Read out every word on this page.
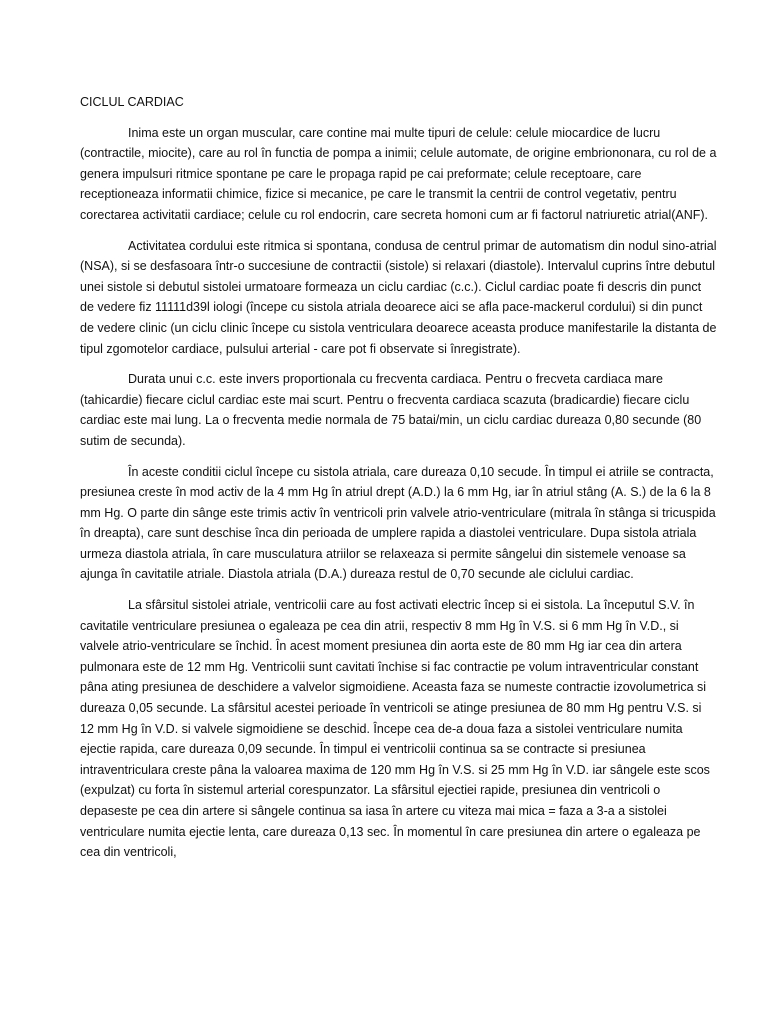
CICLUL CARDIAC

Inima este un organ muscular, care contine mai multe tipuri de celule: celule miocardice de lucru (contractile, miocite), care au rol în functia de pompa a inimii; celule automate, de origine embriononara, cu rol de a genera impulsuri ritmice spontane pe care le propaga rapid pe cai preformate; celule receptoare, care receptioneaza informatii chimice, fizice si mecanice, pe care le transmit la centrii de control vegetativ, pentru corectarea activitatii cardiace; celule cu rol endocrin, care secreta homoni cum ar fi factorul natriuretic atrial(ANF).

Activitatea cordului este ritmica si spontana, condusa de centrul primar de automatism din nodul sino-atrial (NSA), si se desfasoara într-o succesiune de contractii (sistole) si relaxari (diastole). Intervalul cuprins între debutul unei sistole si debutul sistolei urmatoare formeaza un ciclu cardiac (c.c.). Ciclul cardiac poate fi descris din punct de vedere fiz 11111d39l iologi (începe cu sistola atriala deoarece aici se afla pace-mackerul cordului) si din punct de vedere clinic (un ciclu clinic începe cu sistola ventriculara deoarece aceasta produce manifestarile la distanta de tipul zgomotelor cardiace, pulsului arterial - care pot fi observate si înregistrate).

Durata unui c.c. este invers proportionala cu frecventa cardiaca. Pentru o frecveta cardiaca mare (tahicardie) fiecare ciclul cardiac este mai scurt. Pentru o frecventa cardiaca scazuta (bradicardie) fiecare ciclu cardiac este mai lung. La o frecventa medie normala de 75 batai/min, un ciclu cardiac dureaza 0,80 secunde (80 sutim de secunda).

În aceste conditii ciclul începe cu sistola atriala, care dureaza 0,10 secude. În timpul ei atriile se contracta, presiunea creste în mod activ de la 4 mm Hg în atriul drept (A.D.) la 6 mm Hg, iar în atriul stâng (A. S.) de la 6 la 8 mm Hg. O parte din sânge este trimis activ în ventricoli prin valvele atrio-ventriculare (mitrala în stânga si tricuspida în dreapta), care sunt deschise înca din perioada de umplere rapida a diastolei ventriculare. Dupa sistola atriala urmeza diastola atriala, în care musculatura atriilor se relaxeaza si permite sângelui din sistemele venoase sa ajunga în cavitatile atriale. Diastola atriala (D.A.) dureaza restul de 0,70 secunde ale ciclului cardiac.

La sfârsitul sistolei atriale, ventricolii care au fost activati electric încep si ei sistola. La începutul S.V. în cavitatile ventriculare presiunea o egaleaza pe cea din atrii, respectiv 8 mm Hg în V.S. si 6 mm Hg în V.D., si valvele atrio-ventriculare se închid. În acest moment presiunea din aorta este de 80 mm Hg iar cea din artera pulmonara este de 12 mm Hg. Ventricolii sunt cavitati închise si fac contractie pe volum intraventricular constant pâna ating presiunea de deschidere a valvelor sigmoidiene. Aceasta faza se numeste contractie izovolumetrica si dureaza 0,05 secunde. La sfârsitul acestei perioade în ventricoli se atinge presiunea de 80 mm Hg pentru V.S. si 12 mm Hg în V.D. si valvele sigmoidiene se deschid. Începe cea de-a doua faza a sistolei ventriculare numita ejectie rapida, care dureaza 0,09 secunde. În timpul ei ventricolii continua sa se contracte si presiunea intraventriculara creste pâna la valoarea maxima de 120 mm Hg în V.S. si 25 mm Hg în V.D. iar sângele este scos (expulzat) cu forta în sistemul arterial corespunzator. La sfârsitul ejectiei rapide, presiunea din ventricoli o depaseste pe cea din artere si sângele continua sa iasa în artere cu viteza mai mica = faza a 3-a a sistolei ventriculare numita ejectie lenta, care dureaza 0,13 sec. În momentul în care presiunea din artere o egaleaza pe cea din ventricoli,
